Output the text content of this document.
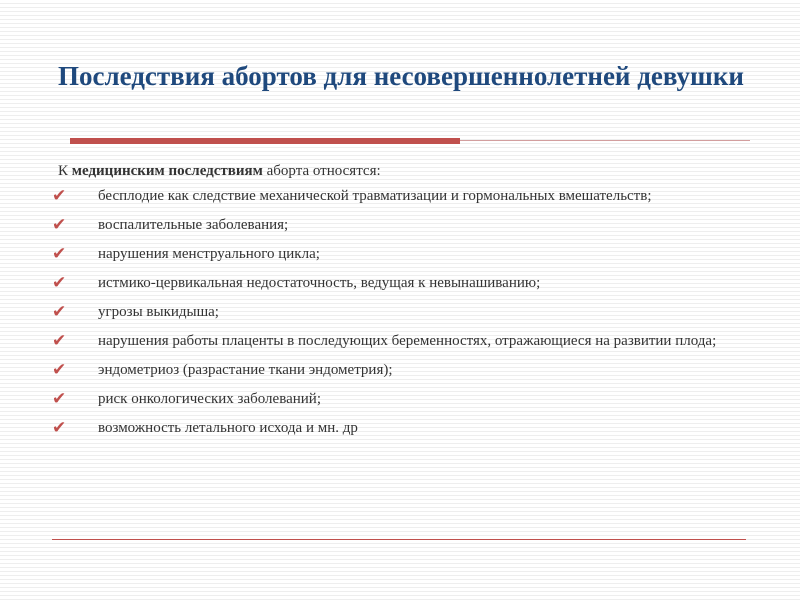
Последствия абортов для несовершеннолетней девушки
К медицинским последствиям аборта относятся:
✔ бесплодие как следствие механической травматизации и гормональных вмешательств;
✔ воспалительные заболевания;
✔ нарушения менструального цикла;
✔ истмико-цервикальная недостаточность, ведущая к невынашиванию;
✔ угрозы выкидыша;
✔ нарушения работы плаценты в последующих беременностях, отражающиеся на развитии плода;
✔ эндометриоз (разрастание ткани эндометрия);
✔ риск онкологических заболеваний;
✔ возможность летального исхода и мн. др
